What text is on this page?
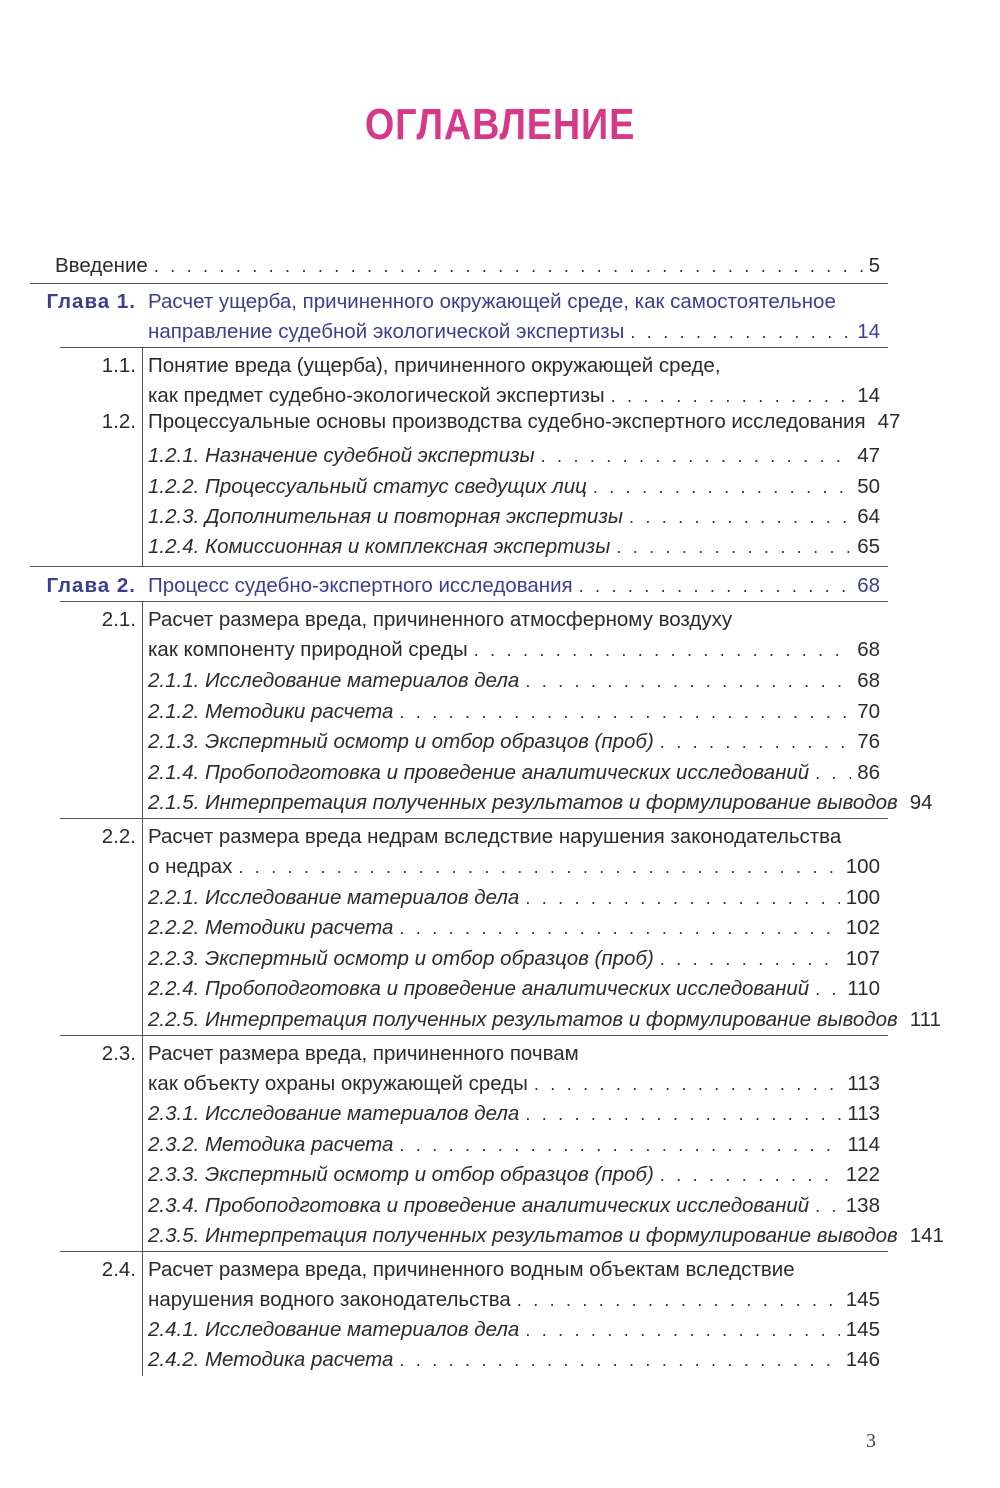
ОГЛАВЛЕНИЕ
Введение . . .	5
Глава 1. Расчет ущерба, причиненного окружающей среде, как самостоятельное
направление судебной экологической экспертизы . . .	14
1.1. Понятие вреда (ущерба), причиненного окружающей среде,
как предмет судебно-экологической экспертизы . . .	14
1.2. Процессуальные основы производства судебно-экспертного исследования 47
1.2.1. Назначение судебной экспертизы . . .	47
1.2.2. Процессуальный статус сведущих лиц . . .	50
1.2.3. Дополнительная и повторная экспертизы . . .	64
1.2.4. Комиссионная и комплексная экспертизы . . .	65
Глава 2. Процесс судебно-экспертного исследования . . .	68
2.1. Расчет размера вреда, причиненного атмосферному воздуху
как компоненту природной среды . . .	68
2.1.1. Исследование материалов дела . . .	68
2.1.2. Методики расчета . . .	70
2.1.3. Экспертный осмотр и отбор образцов (проб) . . .	76
2.1.4. Пробоподготовка и проведение аналитических исследований . . . 86
2.1.5. Интерпретация полученных результатов и формулирование выводов 94
2.2. Расчет размера вреда недрам вследствие нарушения законодательства
о недрах . . .	100
2.2.1. Исследование материалов дела . . .	100
2.2.2. Методики расчета . . .	102
2.2.3. Экспертный осмотр и отбор образцов (проб) . . .	107
2.2.4. Пробоподготовка и проведение аналитических исследований . . . 110
2.2.5. Интерпретация полученных результатов и формулирование выводов 111
2.3. Расчет размера вреда, причиненного почвам
как объекту охраны окружающей среды . . .	113
2.3.1. Исследование материалов дела . . .	113
2.3.2. Методика расчета . . .	114
2.3.3. Экспертный осмотр и отбор образцов (проб) . . .	122
2.3.4. Пробоподготовка и проведение аналитических исследований . . . 138
2.3.5. Интерпретация полученных результатов и формулирование выводов 141
2.4. Расчет размера вреда, причиненного водным объектам вследствие
нарушения водного законодательства . . .	145
2.4.1. Исследование материалов дела . . .	145
2.4.2. Методика расчета . . .	146
3
